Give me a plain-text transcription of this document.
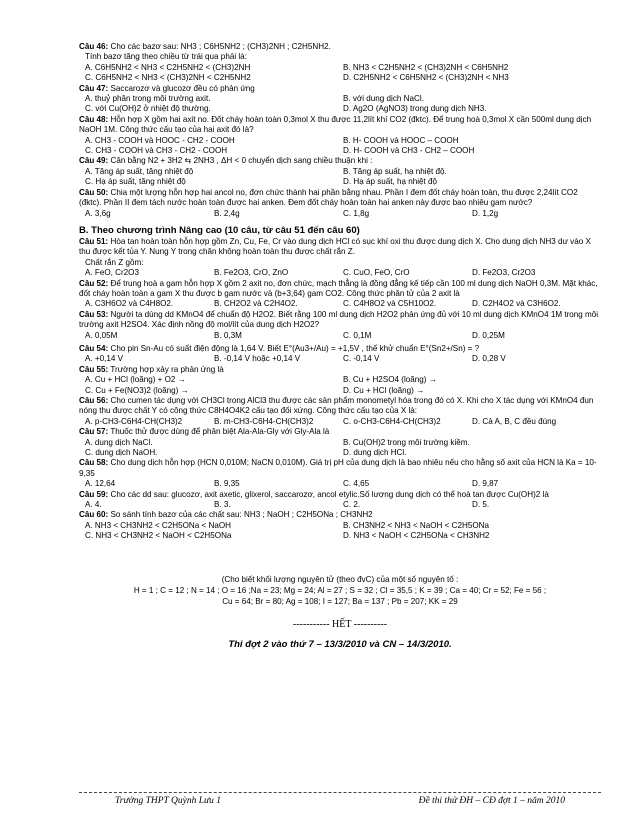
Câu 46: Cho các bazơ sau: NH3 ; C6H5NH2 ; (CH3)2NH ; C2H5NH2.
Tính bazơ tăng theo chiều từ trái qua phải là:
A. C6H5NH2 < NH3 < C2H5NH2 < (CH3)2NH	B. NH3 < C2H5NH2 < (CH3)2NH < C6H5NH2
C. C6H5NH2 < NH3 < (CH3)2NH < C2H5NH2	D. C2H5NH2 < C6H5NH2 < (CH3)2NH < NH3
Câu 47: Saccarozơ và glucozơ đều có phản ứng
A. thuỷ phân trong môi trường axit.	B. với dung dịch NaCl.
C. với Cu(OH)2 ở nhiệt độ thường.	D. Ag2O (AgNO3) trong dung dịch NH3.
Câu 48: Hỗn hợp X gồm hai axit no. Đốt cháy hoàn toàn 0,3mol X thu được 11,2lít khí CO2 (đktc). Để trung hoà 0,3mol X cần 500ml dung dịch NaOH 1M. Công thức cấu tạo của hai axit đó là?
A. CH3 - COOH và HOOC - CH2 - COOH	B. H- COOH và HOOC – COOH
C. CH3 - COOH và CH3 - CH2 - COOH	D. H- COOH và CH3 - CH2 – COOH
Câu 49: Cân bằng N2 + 3H2 ⇆ 2NH3 , ΔH < 0 chuyển dịch sang chiều thuận khi :
A. Tăng áp suất, tăng nhiệt độ	B. Tăng áp suất, hạ nhiệt độ.
C. Hạ áp suất, tăng nhiệt độ	D. Hạ áp suất, hạ nhiệt độ
Câu 50: Chia một lượng hỗn hợp hai ancol no, đơn chức thành hai phần bằng nhau. Phần I đem đốt cháy hoàn toàn, thu được 2,24lít CO2 (đktc). Phần II đem tách nước hoàn toàn được hai anken. Đem đốt cháy hoàn toàn hai anken này được bao nhiêu gam nước?
A. 3,6g	B. 2,4g	C. 1,8g	D. 1,2g
B. Theo chương trình Nâng cao (10 câu, từ câu 51 đến câu 60)
Câu 51: Hòa tan hoàn toàn hỗn hợp gồm Zn, Cu, Fe, Cr vào dung dịch HCl có sục khí oxi thu được dung dịch X. Cho dung dịch NH3 dư vào X thu được kết tủa Y. Nung Y trong chân không hoàn toàn thu được chất rắn Z.
Chất rắn Z gồm:
A. FeO, Cr2O3	B. Fe2O3, CrO, ZnO	C. CuO, FeO, CrO	D. Fe2O3, Cr2O3
Câu 52: Để trung hoà a gam hỗn hợp X gồm 2 axit no, đơn chức, mạch thẳng là đồng đẳng kế tiếp cần 100 ml dung dịch NaOH 0,3M. Mặt khác, đốt cháy hoàn toàn a gam X thu được b gam nước và (b+3,64) gam CO2. Công thức phân tử của 2 axit là
A. C3H6O2 và C4H8O2.	B. CH2O2 và C2H4O2.	C. C4H8O2 và C5H10O2.	D. C2H4O2 và C3H6O2.
Câu 53: Người ta dùng dd KMnO4 để chuẩn độ H2O2. Biết rằng 100 ml dung dịch H2O2 phản ứng đủ với 10 ml dung dịch KMnO4 1M trong môi trường axit H2SO4. Xác định nồng độ mol/lít của dung dịch H2O2?
A. 0,05M	B. 0,3M	C. 0,1M	D. 0,25M
Câu 54: Cho pin Sn-Au có suất điện động là 1,64 V. Biết E°(Au3+/Au) = +1,5V , thế khử chuẩn E°(Sn2+/Sn) = ?
A. +0,14 V	B. -0,14 V hoặc +0,14 V	C. -0,14 V	D. 0,28 V
Câu 55: Trường hợp xảy ra phản ứng là
A. Cu + HCl (loãng) + O2 →	B. Cu + H2SO4 (loãng) →
C. Cu + Fe(NO3)2 (loãng) →	D. Cu + HCl (loãng) →
Câu 56: Cho cumen tác dụng với CH3Cl trong AlCl3 thu được các sản phẩm monometyl hóa trong đó có X. Khi cho X tác dụng với KMnO4 đun nóng thu được chất Y có công thức C8H4O4K2 cấu tạo đối xứng. Công thức cấu tạo của X là:
A. p-CH3-C6H4-CH(CH3)2	B. m-CH3-C6H4-CH(CH3)2	C. o-CH3-C6H4-CH(CH3)2	D. Cả A, B, C đều đúng
Câu 57: Thuốc thử được dùng để phân biệt Ala-Ala-Gly với Gly-Ala là
A. dung dịch NaCl.	B. Cu(OH)2 trong môi trường kiềm.
C. dung dịch NaOH.	D. dung dịch HCl.
Câu 58: Cho dung dịch hỗn hợp (HCN 0,010M; NaCN 0,010M). Giá trị pH của dung dịch là bao nhiêu nếu cho hằng số axit của HCN là Ka = 10-9,35
A. 12,64	B. 9,35	C. 4,65	D. 9,87
Câu 59: Cho các dd sau: glucozơ, axit axetic, glixerol, saccarozơ, ancol etylic.Số lượng dung dịch có thể hoà tan được Cu(OH)2 là
A. 4.	B. 3.	C. 2.	D. 5.
Câu 60: So sánh tính bazơ của các chất sau: NH3 ; NaOH ; C2H5ONa ; CH3NH2
A. NH3 < CH3NH2 < C2H5ONa < NaOH	B. CH3NH2 < NH3 < NaOH < C2H5ONa
C. NH3 < CH3NH2 < NaOH < C2H5ONa	D. NH3 < NaOH < C2H5ONa < CH3NH2
(Cho biết khối lượng nguyên tử (theo đvC) của một số nguyên tố :
H = 1 ; C = 12 ; N = 14 ; O = 16 ;Na = 23; Mg = 24; Al = 27 ; S = 32 ; Cl = 35,5 ; K = 39 ; Ca = 40; Cr = 52; Fe = 56 ;
Cu = 64; Br = 80; Ag = 108; I = 127; Ba = 137 ; Pb = 207; KK = 29
----------- HẾT ----------
Thi đợt 2 vào thứ 7 – 13/3/2010 và CN – 14/3/2010.
Trường THPT Quỳnh Lưu 1	Đề thi thử ĐH – CĐ đợt 1 – năm 2010
